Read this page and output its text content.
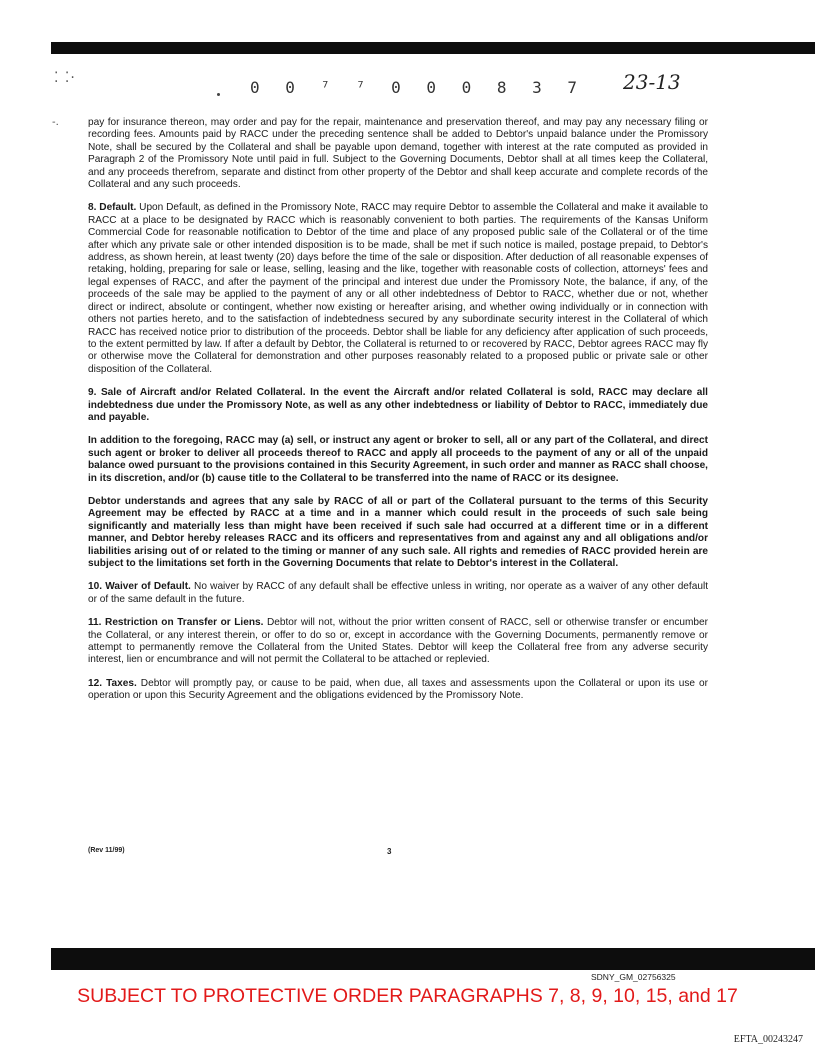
⁚ ⁚·	0 0 ⁷ ⁷ 0 0 0 8 3 7 23-13
-.	pay for insurance thereon, may order and pay for the repair, maintenance and preservation thereof, and may pay any necessary filing or recording fees. Amounts paid by RACC under the preceding sentence shall be added to Debtor's unpaid balance under the Promissory Note, shall be secured by the Collateral and shall be payable upon demand, together with interest at the rate computed as provided in Paragraph 2 of the Promissory Note until paid in full. Subject to the Governing Documents, Debtor shall at all times keep the Collateral, and any proceeds therefrom, separate and distinct from other property of the Debtor and shall keep accurate and complete records of the Collateral and any such proceeds.

8. Default. Upon Default, as defined in the Promissory Note, RACC may require Debtor to assemble the Collateral and make it available to RACC at a place to be designated by RACC which is reasonably convenient to both parties. The requirements of the Kansas Uniform Commercial Code for reasonable notification to Debtor of the time and place of any proposed public sale of the Collateral or of the time after which any private sale or other intended disposition is to be made, shall be met if such notice is mailed, postage prepaid, to Debtor's address, as shown herein, at least twenty (20) days before the time of the sale or disposition. After deduction of all reasonable expenses of retaking, holding, preparing for sale or lease, selling, leasing and the like, together with reasonable costs of collection, attorneys' fees and legal expenses of RACC, and after the payment of the principal and interest due under the Promissory Note, the balance, if any, of the proceeds of the sale may be applied to the payment of any or all other indebtedness of Debtor to RACC, whether due or not, whether direct or indirect, absolute or contingent, whether now existing or hereafter arising, and whether owing individually or in connection with others not parties hereto, and to the satisfaction of indebtedness secured by any subordinate security interest in the Collateral of which RACC has received notice prior to distribution of the proceeds. Debtor shall be liable for any deficiency after application of such proceeds, to the extent permitted by law. If after a default by Debtor, the Collateral is returned to or recovered by RACC, Debtor agrees RACC may fly or otherwise move the Collateral for demonstration and other purposes reasonably related to a proposed public or private sale or other disposition of the Collateral.

9. Sale of Aircraft and/or Related Collateral. In the event the Aircraft and/or related Collateral is sold, RACC may declare all indebtedness due under the Promissory Note, as well as any other indebtedness or liability of Debtor to RACC, immediately due and payable.

In addition to the foregoing, RACC may (a) sell, or instruct any agent or broker to sell, all or any part of the Collateral, and direct such agent or broker to deliver all proceeds thereof to RACC and apply all proceeds to the payment of any or all of the unpaid balance owed pursuant to the provisions contained in this Security Agreement, in such order and manner as RACC shall choose, in its discretion, and/or (b) cause title to the Collateral to be transferred into the name of RACC or its designee.

Debtor understands and agrees that any sale by RACC of all or part of the Collateral pursuant to the terms of this Security Agreement may be effected by RACC at a time and in a manner which could result in the proceeds of such sale being significantly and materially less than might have been received if such sale had occurred at a different time or in a different manner, and Debtor hereby releases RACC and its officers and representatives from and against any and all obligations and/or liabilities arising out of or related to the timing or manner of any such sale. All rights and remedies of RACC provided herein are subject to the limitations set forth in the Governing Documents that relate to Debtor's interest in the Collateral.

10. Waiver of Default. No waiver by RACC of any default shall be effective unless in writing, nor operate as a waiver of any other default or of the same default in the future.

11. Restriction on Transfer or Liens. Debtor will not, without the prior written consent of RACC, sell or otherwise transfer or encumber the Collateral, or any interest therein, or offer to do so or, except in accordance with the Governing Documents, permanently remove or attempt to permanently remove the Collateral from the United States. Debtor will keep the Collateral free from any adverse security interest, lien or encumbrance and will not permit the Collateral to be attached or replevied.

12. Taxes. Debtor will promptly pay, or cause to be paid, when due, all taxes and assessments upon the Collateral or upon its use or operation or upon this Security Agreement and the obligations evidenced by the Promissory Note.

(Rev 11/99)	3
SDNY_GM_02756325
SUBJECT TO PROTECTIVE ORDER PARAGRAPHS 7, 8, 9, 10, 15, and 17
EFTA_00243247
